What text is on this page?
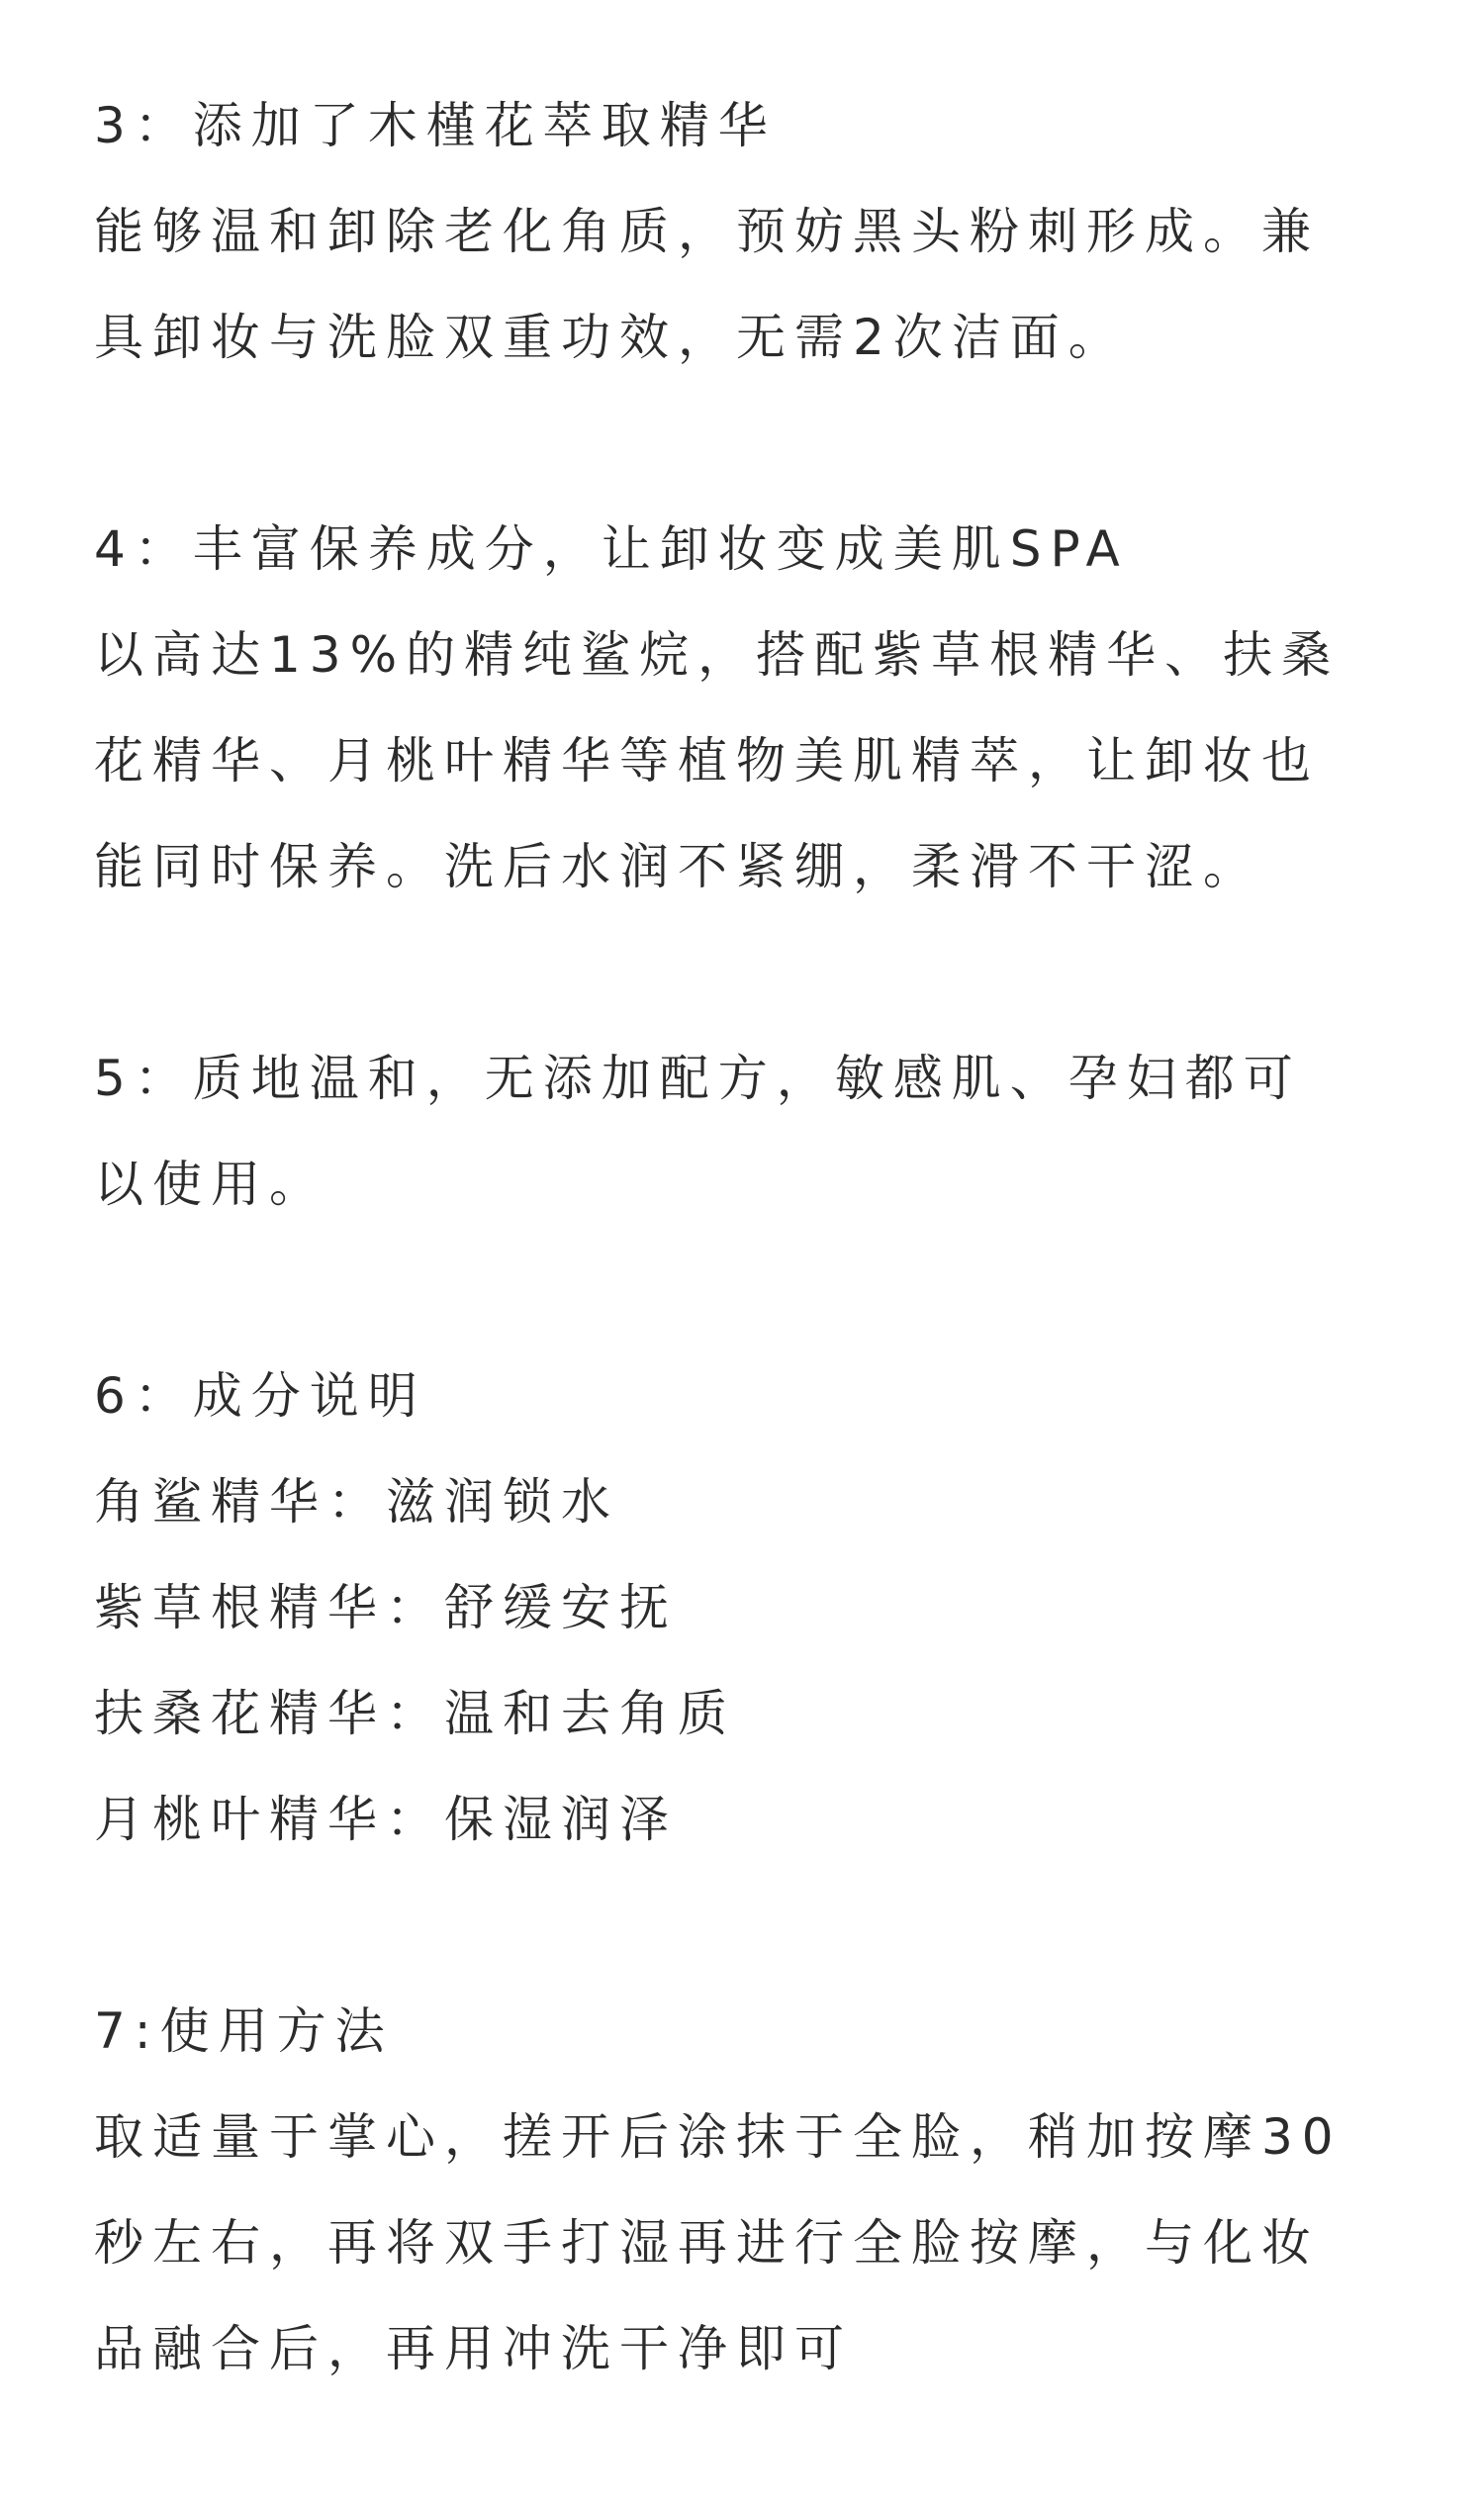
3：添加了木槿花萃取精华
能够温和卸除老化角质，预妨黑头粉刺形成。兼
具卸妆与洗脸双重功效，无需2次洁面。
4：丰富保养成分，让卸妆变成美肌SPA
以高达13%的精纯鲨烷，搭配紫草根精华、扶桑
花精华、月桃叶精华等植物美肌精萃，让卸妆也
能同时保养。洗后水润不紧绷，柔滑不干涩。
5：质地温和，无添加配方，敏感肌、孕妇都可
以使用。
6：成分说明
角鲨精华：滋润锁水
紫草根精华：舒缓安抚
扶桑花精华：温和去角质
月桃叶精华：保湿润泽
7:使用方法
取适量于掌心，搓开后涂抹于全脸，稍加按摩30
秒左右，再将双手打湿再进行全脸按摩，与化妆
品融合后，再用冲洗干净即可
